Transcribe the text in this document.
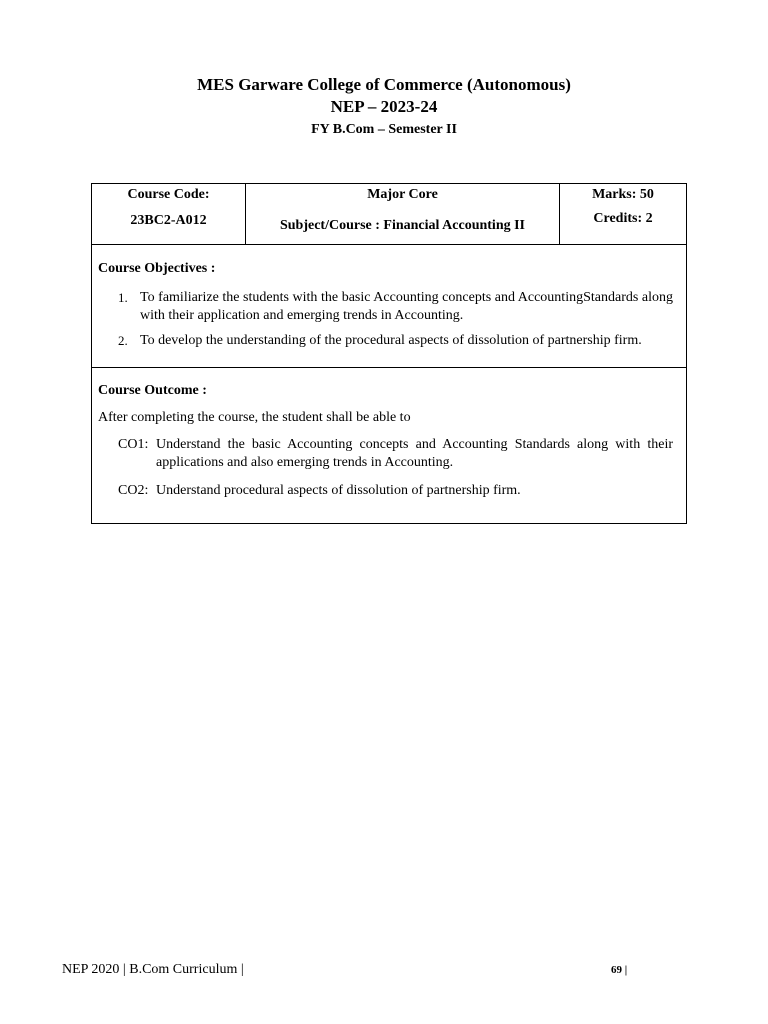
MES Garware College of Commerce (Autonomous)
NEP – 2023-24
FY B.Com – Semester II
Course Code:
23BC2-A012
Major Core
Subject/Course : Financial Accounting II
Marks: 50
Credits: 2
Course Objectives :
1. To familiarize the students with the basic Accounting concepts and AccountingStandards along with their application and emerging trends in Accounting.
2. To develop the understanding of the procedural aspects of dissolution of partnership firm.
Course Outcome :
After completing the course, the student shall be able to
CO1: Understand the basic Accounting concepts and Accounting Standards along with their applications and also emerging trends in Accounting.
CO2: Understand procedural aspects of dissolution of partnership firm.
NEP 2020 | B.Com Curriculum |	69 |
